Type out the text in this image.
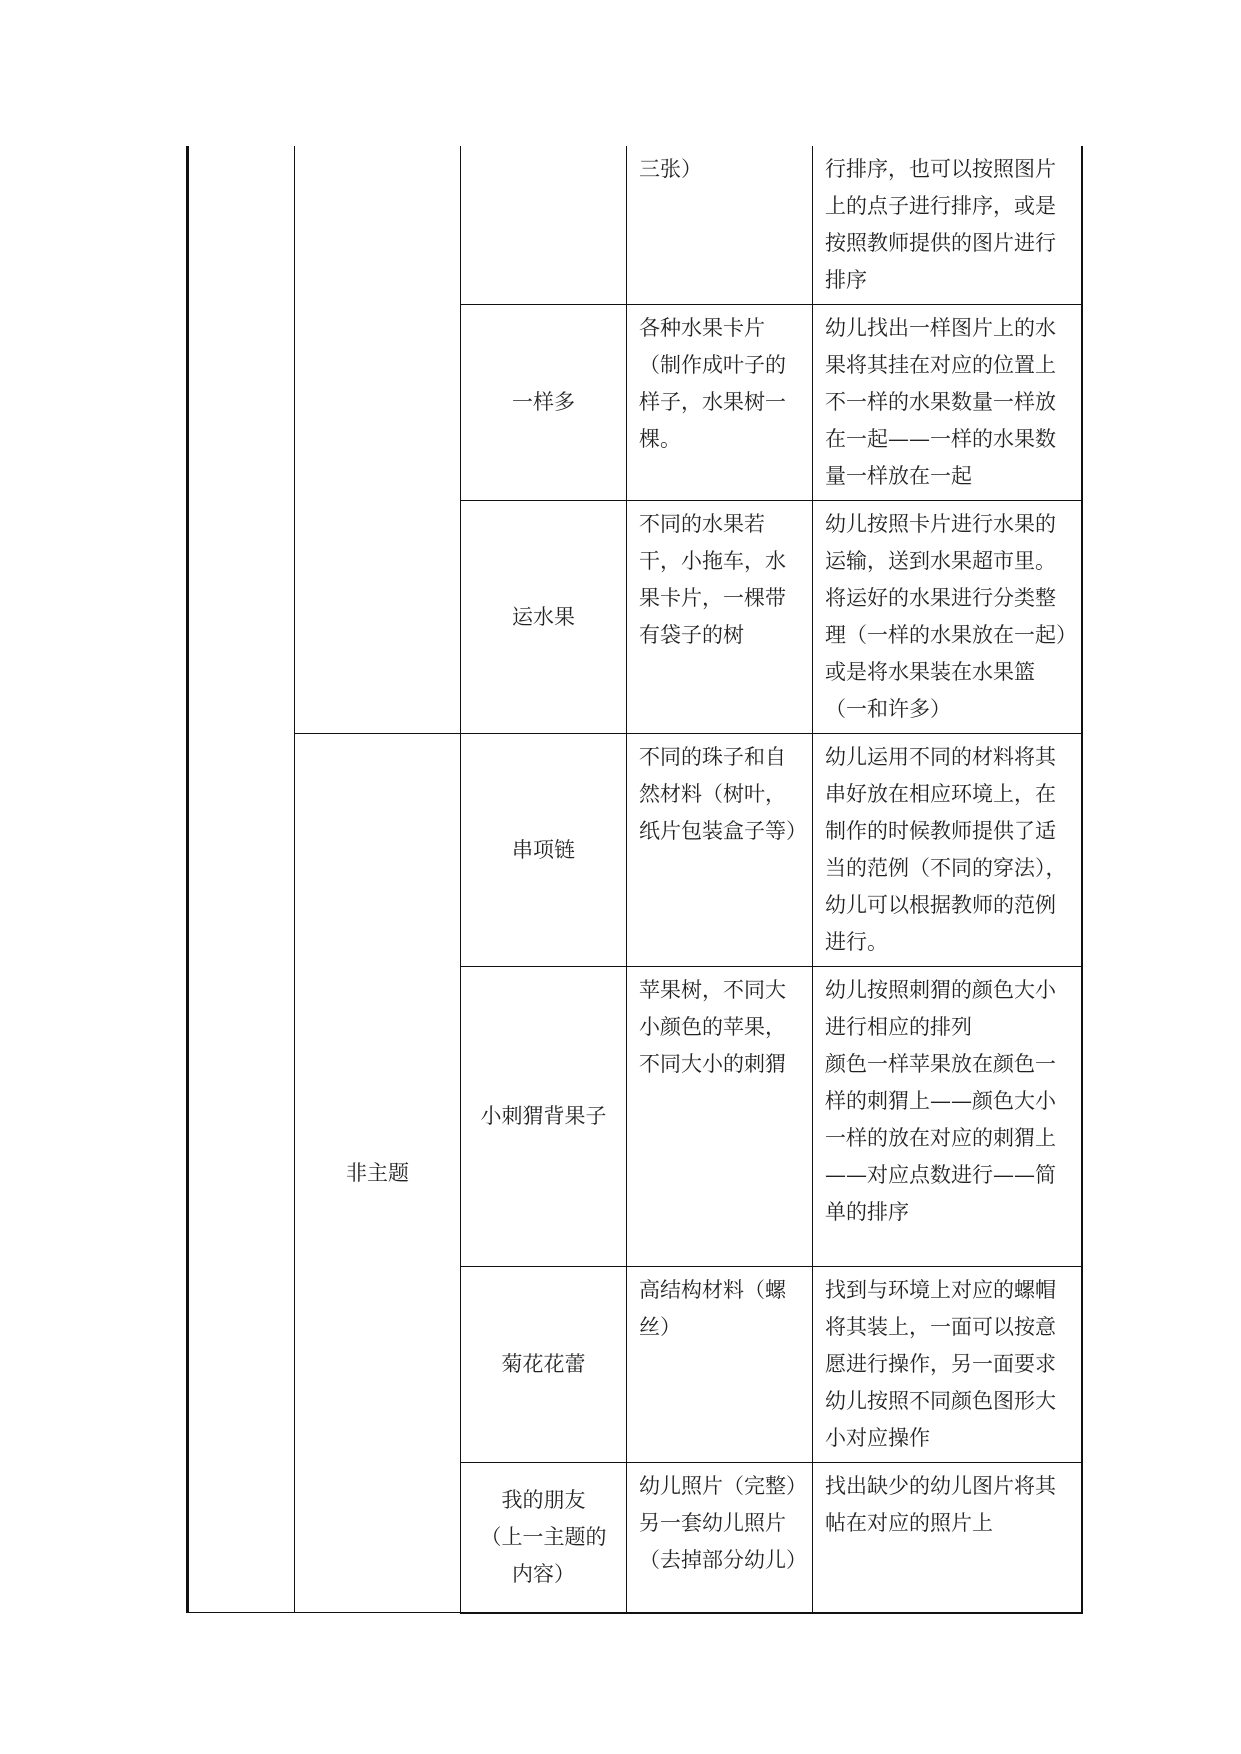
			三张）	行排序，也可以按照图片上的点子进行排序，或是按照教师提供的图片进行排序

		一样多	各种水果卡片（制作成叶子的样子，水果树一棵。	幼儿找出一样图片上的水果将其挂在对应的位置上不一样的水果数量一样放在一起——一样的水果数量一样放在一起

		运水果	不同的水果若干，小拖车，水果卡片，一棵带有袋子的树	幼儿按照卡片进行水果的运输，送到水果超市里。将运好的水果进行分类整理（一样的水果放在一起）或是将水果装在水果篮（一和许多）

	非主题	串项链	不同的珠子和自然材料（树叶，纸片包装盒子等）	幼儿运用不同的材料将其串好放在相应环境上，在制作的时候教师提供了适当的范例（不同的穿法），幼儿可以根据教师的范例进行。

		小刺猬背果子	苹果树，不同大小颜色的苹果，不同大小的刺猬	幼儿按照刺猬的颜色大小进行相应的排列
颜色一样苹果放在颜色一样的刺猬上——颜色大小一样的放在对应的刺猬上——对应点数进行——简单的排序

		菊花花蕾	高结构材料（螺丝）	找到与环境上对应的螺帽将其装上，一面可以按意愿进行操作，另一面要求幼儿按照不同颜色图形大小对应操作

		我的朋友
（上一主题的
内容）	幼儿照片（完整）另一套幼儿照片（去掉部分幼儿）	找出缺少的幼儿图片将其帖在对应的照片上
